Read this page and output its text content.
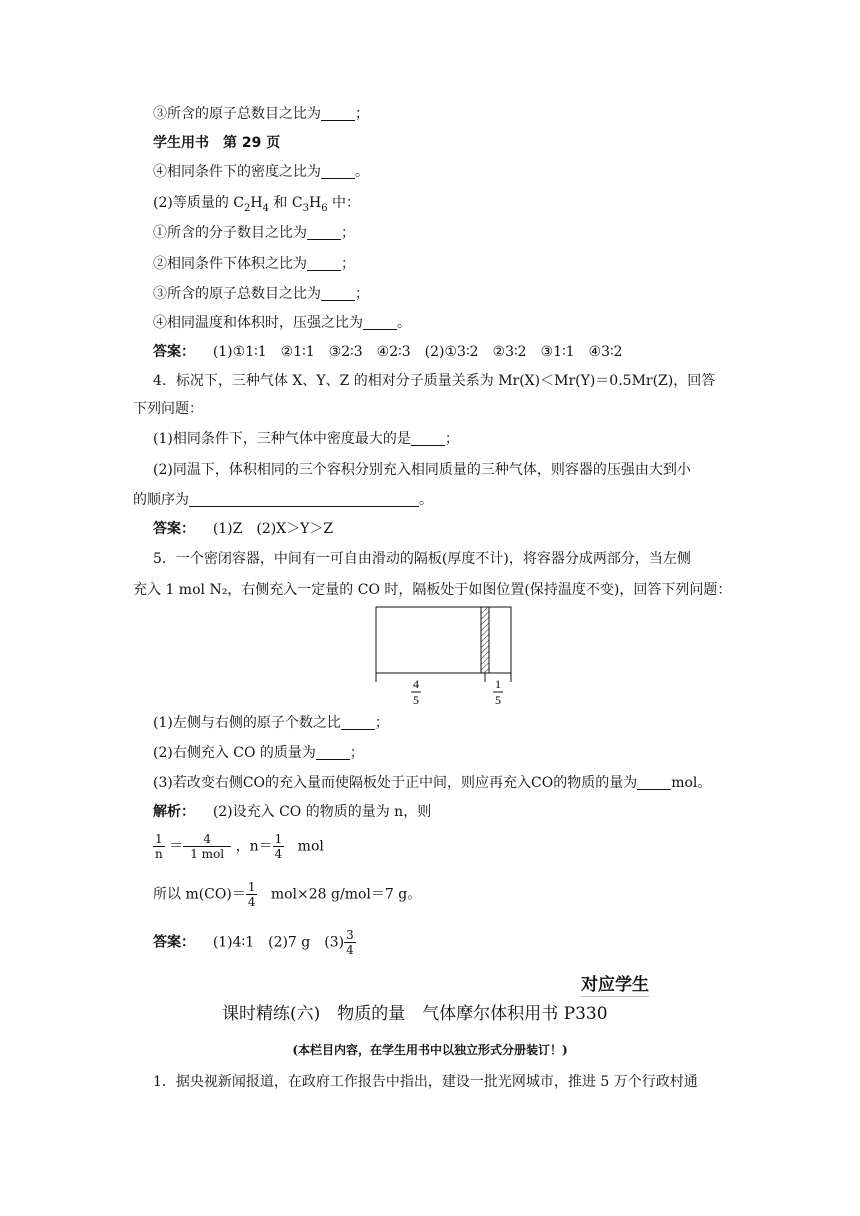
③所含的原子总数目之比为 ；
学生用书　第 29 页
④相同条件下的密度之比为 。
(2)等质量的 $C_2H_4$ 和 $C_3H_6$ 中：
①所含的分子数目之比为 ；
②相同条件下体积之比为 ；
③所含的原子总数目之比为 ；
④相同温度和体积时，压强之比为 。
答案： (1)①1∶1　②1∶1　③2∶3　④2∶3　(2)①3∶2　②3∶2　③1∶1　④3∶2
4．标况下，三种气体 X、Y、Z 的相对分子质量关系为 Mr(X)＜Mr(Y)＝0.5Mr(Z)，回答
下列问题：
(1)相同条件下，三种气体中密度最大的是 ；
(2)同温下，体积相同的三个容积分别充入相同质量的三种气体，则容器的压强由大到小
的顺序为	。
答案： (1)Z　(2)X＞Y＞Z
5．一个密闭容器，中间有一可自由滑动的隔板(厚度不计)，将容器分成两部分，当左侧
充入 1 mol N₂，右侧充入一定量的 CO 时，隔板处于如图位置(保持温度不变)，回答下列问题：
4
5
1
5
(1)左侧与右侧的原子个数之比 ；
(2)右侧充入 CO 的质量为 ；
(3)若改变右侧CO的充入量而使隔板处于正中间，则应再充入CO的物质的量为 mol。
解析： (2)设充入 CO 的物质的量为 n，则
$\frac{1}{n} = \frac{4}{\text{1 mol}}$ ，$n= \frac{1}{4}$ mol
所以 $m(CO)= \frac{1}{4} mol\times 28$ g/mol＝7 g。
答案： (1)4∶1　(2)7 g　$(3) \frac{3}{4}$
对应学生
课时精练(六)　物质的量　气体摩尔体积用书 P330
(本栏目内容，在学生用书中以独立形式分册装订！)
1．据央视新闻报道，在政府工作报告中指出，建设一批光网城市，推进 5 万个行政村通
